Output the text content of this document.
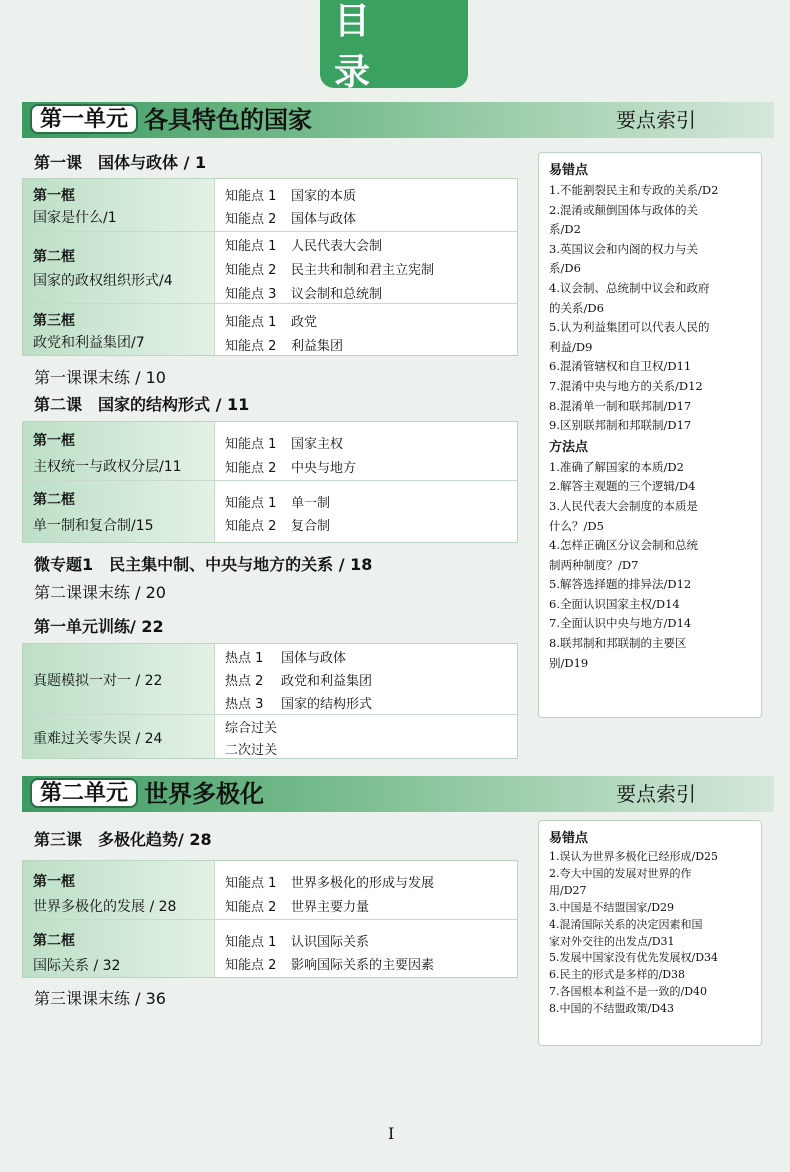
目 录
第一单元 各具特色的国家	要点索引
第一课　国体与政体 / 1
第一框
国家是什么/1
知能点 1 国家的本质
知能点 2 国体与政体
第二框
国家的政权组织形式/4
知能点 1 人民代表大会制
知能点 2 民主共和制和君主立宪制
知能点 3 议会制和总统制
第三框
政党和利益集团/7
知能点 1 政党
知能点 2 利益集团
第一课课末练 / 10
第二课　国家的结构形式 / 11
第一框
主权统一与政权分层/11
知能点 1 国家主权
知能点 2 中央与地方
第二框
单一制和复合制/15
知能点 1 单一制
知能点 2 复合制
微专题1　民主集中制、中央与地方的关系 / 18
第二课课末练 / 20
第一单元训练/ 22
真题模拟一对一 / 22
热点 1 国体与政体
热点 2 政党和利益集团
热点 3 国家的结构形式
重难过关零失误 / 24
综合过关
二次过关
易错点
1.不能割裂民主和专政的关系/D2
2.混淆或颠倒国体与政体的关
系/D2
3.英国议会和内阁的权力与关
系/D6
4.议会制、总统制中议会和政府
的关系/D6
5.认为利益集团可以代表人民的
利益/D9
6.混淆管辖权和自卫权/D11
7.混淆中央与地方的关系/D12
8.混淆单一制和联邦制/D17
9.区别联邦制和邦联制/D17
方法点
1.准确了解国家的本质/D2
2.解答主观题的三个逻辑/D4
3.人民代表大会制度的本质是
什么？/D5
4.怎样正确区分议会制和总统
制两种制度？/D7
5.解答选择题的排异法/D12
6.全面认识国家主权/D14
7.全面认识中央与地方/D14
8.联邦制和邦联制的主要区
别/D19
第二单元 世界多极化	要点索引
第三课　多极化趋势/ 28
第一框
世界多极化的发展 / 28
知能点 1 世界多极化的形成与发展
知能点 2 世界主要力量
第二框
国际关系 / 32
知能点 1 认识国际关系
知能点 2 影响国际关系的主要因素
第三课课末练 / 36
易错点
1.误认为世界多极化已经形成/D25
2.夸大中国的发展对世界的作
用/D27
3.中国是不结盟国家/D29
4.混淆国际关系的决定因素和国
家对外交往的出发点/D31
5.发展中国家没有优先发展权/D34
6.民主的形式是多样的/D38
7.各国根本利益不是一致的/D40
8.中国的不结盟政策/D43
I
